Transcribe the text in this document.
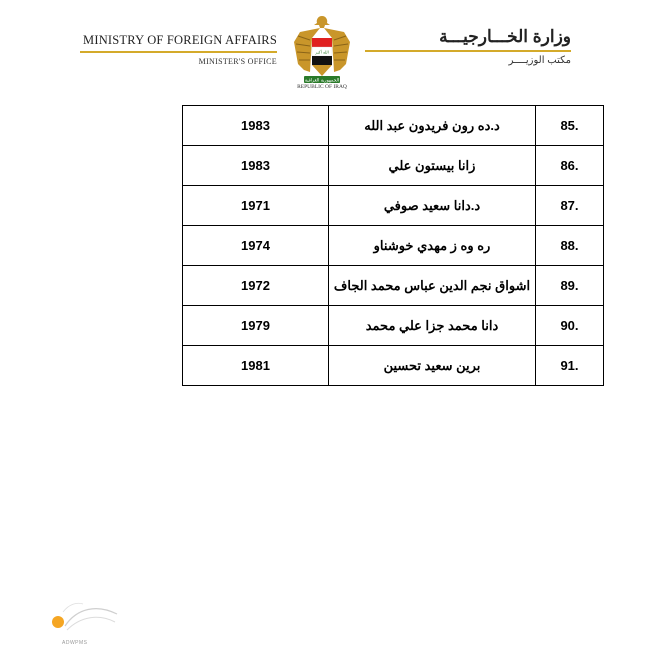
MINISTRY OF FOREIGN AFFAIRS
MINISTER'S OFFICE
الله أكبر
الجمهورية العراقية
REPUBLIC OF IRAQ
وزارة الخـــارجيـــة
مكتب الوزيــــر
1983	د.ده رون فريدون عبد الله	85.
1983	زانا بيستون علي	86.
1971	د.دانا سعيد صوفي	87.
1974	ره وه ز مهدي خوشناو	88.
1972	اشواق نجم الدين عباس محمد الجاف	89.
1979	دانا محمد جزا علي محمد	90.
1981	برين سعيد تحسين	91.
ADWPMS
